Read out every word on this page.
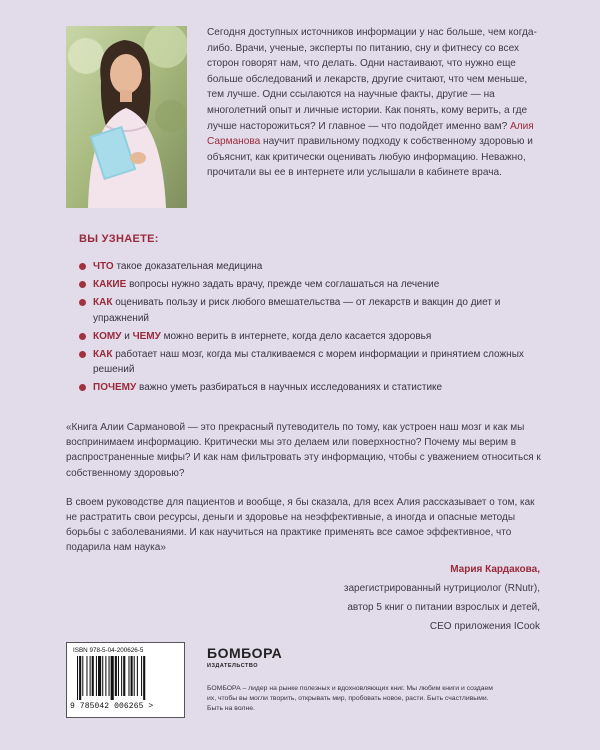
Сегодня доступных источников информации у нас больше, чем когда-либо. Врачи, ученые, эксперты по питанию, сну и фитнесу со всех сторон говорят нам, что делать. Одни настаивают, что нужно еще больше обследований и лекарств, другие считают, что чем меньше, тем лучше. Одни ссылаются на научные факты, другие — на многолетний опыт и личные истории. Как понять, кому верить, а где лучше насторожиться? И главное — что подойдет именно вам? Алия Сарманова научит правильному подходу к собственному здоровью и объяснит, как критически оценивать любую информацию. Неважно, прочитали вы ее в интернете или услышали в кабинете врача.
ВЫ УЗНАЕТЕ:
ЧТО такое доказательная медицина
КАКИЕ вопросы нужно задать врачу, прежде чем соглашаться на лечение
КАК оценивать пользу и риск любого вмешательства — от лекарств и вакцин до диет и упражнений
КОМУ и ЧЕМУ можно верить в интернете, когда дело касается здоровья
КАК работает наш мозг, когда мы сталкиваемся с морем информации и принятием сложных решений
ПОЧЕМУ важно уметь разбираться в научных исследованиях и статистике

«Книга Алии Сармановой — это прекрасный путеводитель по тому, как устроен наш мозг и как мы воспринимаем информацию. Критически мы это делаем или поверхностно? Почему мы верим в распространенные мифы? И как нам фильтровать эту информацию, чтобы с уважением относиться к собственному здоровью?

В своем руководстве для пациентов и вообще, я бы сказала, для всех Алия рассказывает о том, как не растратить свои ресурсы, деньги и здоровье на неэффективные, а иногда и опасные методы борьбы с заболеваниями. И как научиться на практике применять все самое эффективное, что подарила нам наука»

Мария Кардакова,
зарегистрированный нутрициолог (RNutr),
автор 5 книг о питании взрослых и детей,
CEO приложения ICook
ISBN 978-5-04-200626-5
9 785042 006265 >
БОМБОРА
ИЗДАТЕЛЬСТВО
БОМБОРА – лидер на рынке полезных и вдохновляющих книг. Мы любим книги и создаем их, чтобы вы могли творить, открывать мир, пробовать новое, расти. Быть счастливыми. Быть на волне.
